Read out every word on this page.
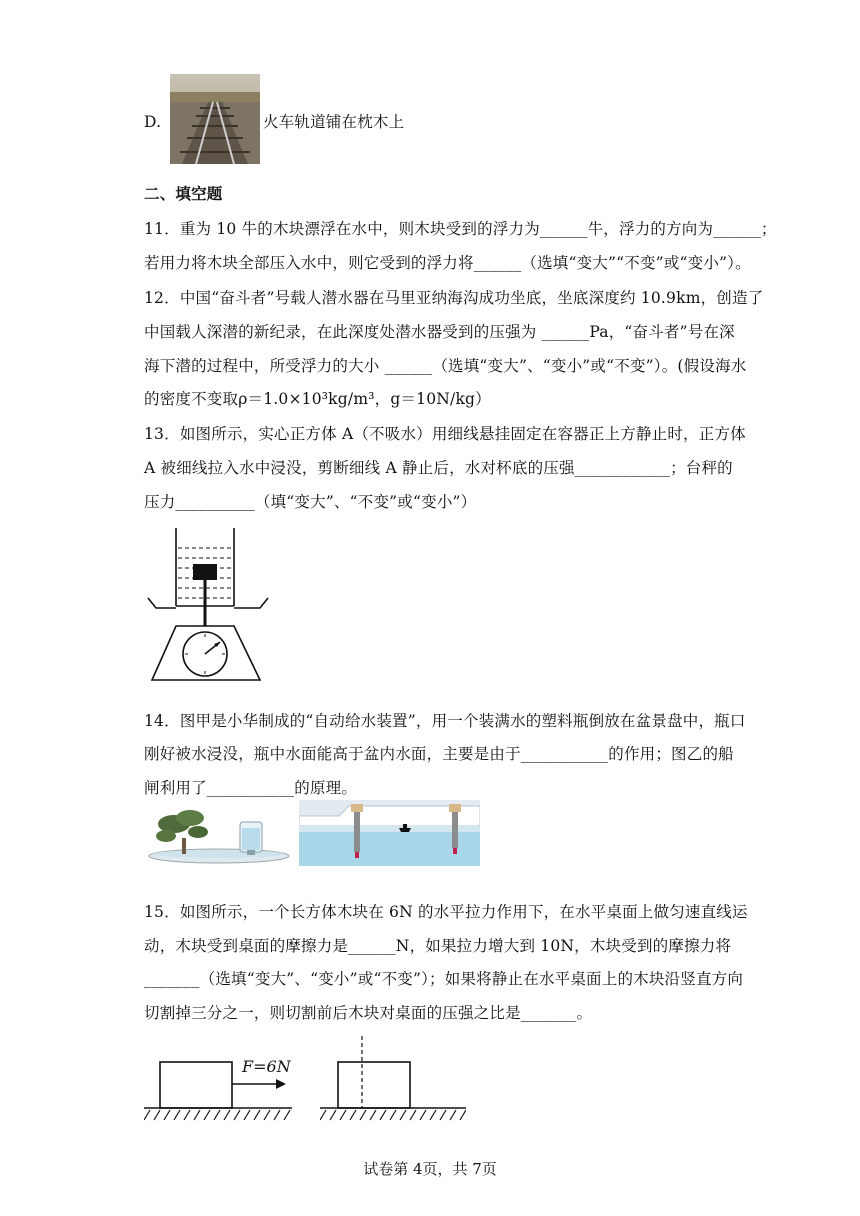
D.	火车轨道铺在枕木上
二、填空题
11．重为 10 牛的木块漂浮在水中，则木块受到的浮力为______牛，浮力的方向为______；
若用力将木块全部压入水中，则它受到的浮力将______（选填“变大”“不变”或“变小”）。
12．中国“奋斗者”号载人潜水器在马里亚纳海沟成功坐底，坐底深度约 10.9km，创造了
中国载人深潜的新纪录，在此深度处潜水器受到的压强为 ______Pa，“奋斗者”号在深
海下潜的过程中，所受浮力的大小 ______（选填“变大”、“变小”或“不变”）。(假设海水
的密度不变取ρ＝1.0×10³kg/m³，g＝10N/kg）
13．如图所示，实心正方体 A（不吸水）用细线悬挂固定在容器正上方静止时，正方体
A 被细线拉入水中浸没，剪断细线 A 静止后，水对杯底的压强____________；台秤的
压力__________（填“变大”、“不变”或“变小”）
14．图甲是小华制成的“自动给水装置”，用一个装满水的塑料瓶倒放在盆景盘中，瓶口
刚好被水浸没，瓶中水面能高于盆内水面，主要是由于___________的作用；图乙的船
闸利用了___________的原理。
15．如图所示，一个长方体木块在 6N 的水平拉力作用下，在水平桌面上做匀速直线运
动，木块受到桌面的摩擦力是______N，如果拉力增大到 10N，木块受到的摩擦力将
_______（选填“变大”、“变小”或“不变”）；如果将静止在水平桌面上的木块沿竖直方向
切割掉三分之一，则切割前后木块对桌面的压强之比是_______。
F=6N
试卷第 4页，共 7页
